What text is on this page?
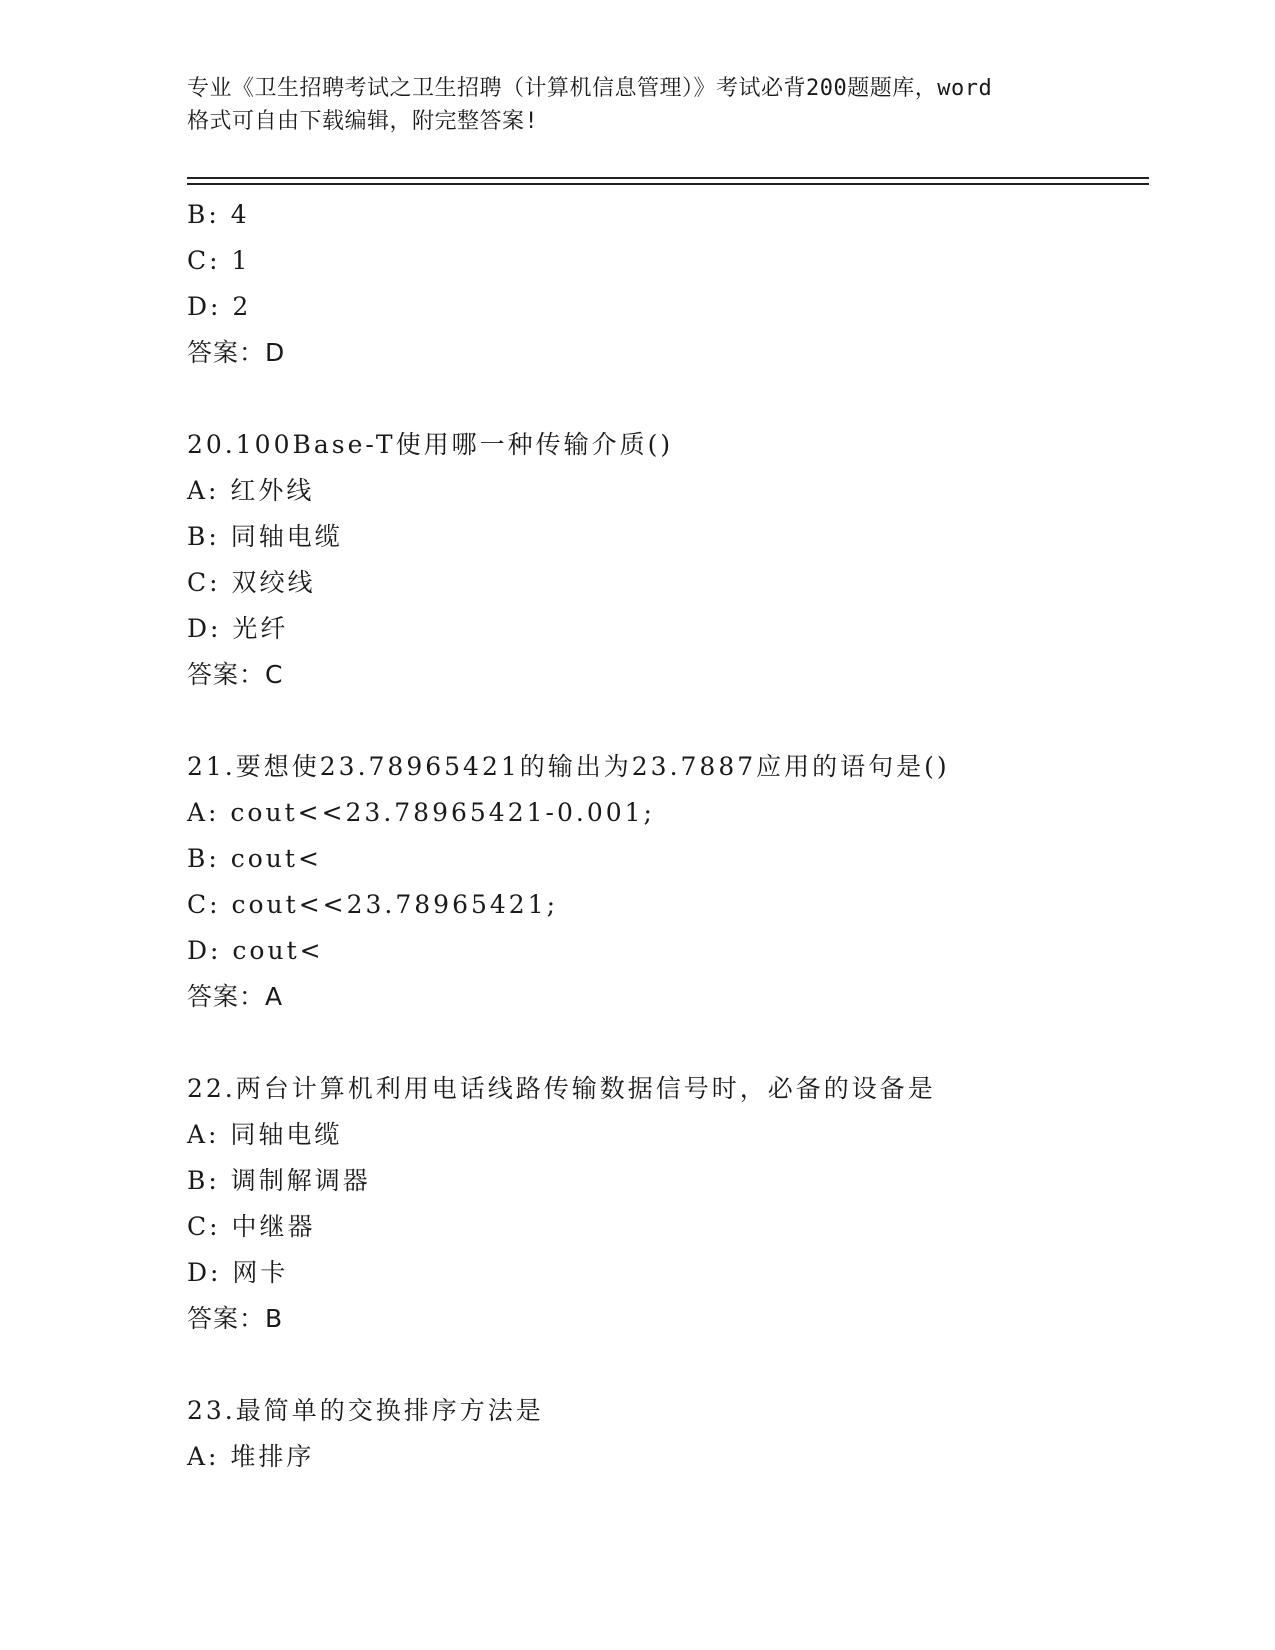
专业《卫生招聘考试之卫生招聘（计算机信息管理）》考试必背200题题库，word
格式可自由下载编辑，附完整答案!
B: 4
C: 1
D: 2
答案：D
20.100Base-T使用哪一种传输介质()
A: 红外线
B: 同轴电缆
C: 双绞线
D: 光纤
答案：C
21.要想使23.78965421的输出为23.7887应用的语句是()
A: cout<<23.78965421-0.001;
B: cout<
C: cout<<23.78965421;
D: cout<
答案：A
22.两台计算机利用电话线路传输数据信号时，必备的设备是
A: 同轴电缆
B: 调制解调器
C: 中继器
D: 网卡
答案：B
23.最简单的交换排序方法是
A: 堆排序
